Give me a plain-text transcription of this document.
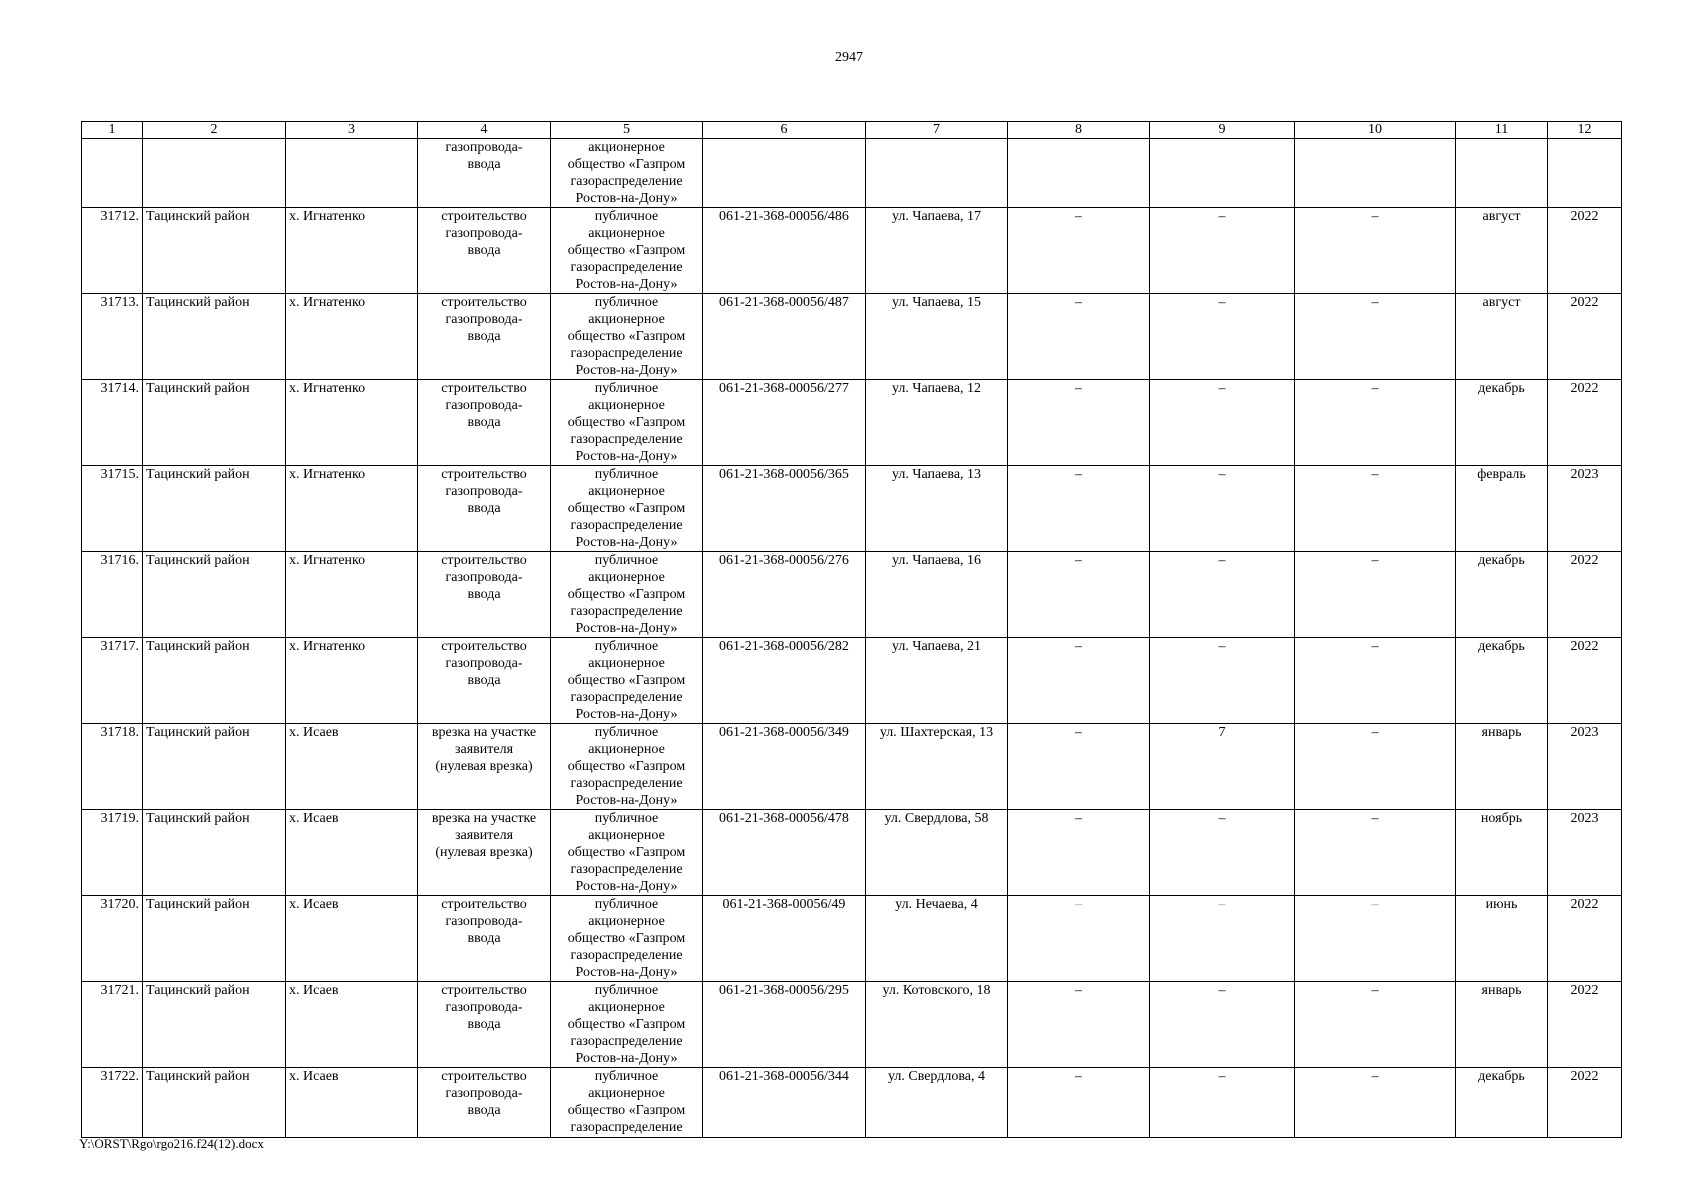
2947
1	2	3	4	5	6	7	8	9	10	11	12
			газопровода-
ввода	акционерное
общество «Газпром
газораспределение
Ростов-на-Дону»							
31712.	Тацинский район	х. Игнатенко	строительство
газопровода-
ввода	публичное
акционерное
общество «Газпром
газораспределение
Ростов-на-Дону»	061-21-368-00056/486	ул. Чапаева, 17	–	–	–	август	2022
31713.	Тацинский район	х. Игнатенко	строительство
газопровода-
ввода	публичное
акционерное
общество «Газпром
газораспределение
Ростов-на-Дону»	061-21-368-00056/487	ул. Чапаева, 15	–	–	–	август	2022
31714.	Тацинский район	х. Игнатенко	строительство
газопровода-
ввода	публичное
акционерное
общество «Газпром
газораспределение
Ростов-на-Дону»	061-21-368-00056/277	ул. Чапаева, 12	–	–	–	декабрь	2022
31715.	Тацинский район	х. Игнатенко	строительство
газопровода-
ввода	публичное
акционерное
общество «Газпром
газораспределение
Ростов-на-Дону»	061-21-368-00056/365	ул. Чапаева, 13	–	–	–	февраль	2023
31716.	Тацинский район	х. Игнатенко	строительство
газопровода-
ввода	публичное
акционерное
общество «Газпром
газораспределение
Ростов-на-Дону»	061-21-368-00056/276	ул. Чапаева, 16	–	–	–	декабрь	2022
31717.	Тацинский район	х. Игнатенко	строительство
газопровода-
ввода	публичное
акционерное
общество «Газпром
газораспределение
Ростов-на-Дону»	061-21-368-00056/282	ул. Чапаева, 21	–	–	–	декабрь	2022
31718.	Тацинский район	х. Исаев	врезка на участке
заявителя
(нулевая врезка)	публичное
акционерное
общество «Газпром
газораспределение
Ростов-на-Дону»	061-21-368-00056/349	ул. Шахтерская, 13	–	7	–	январь	2023
31719.	Тацинский район	х. Исаев	врезка на участке
заявителя
(нулевая врезка)	публичное
акционерное
общество «Газпром
газораспределение
Ростов-на-Дону»	061-21-368-00056/478	ул. Свердлова, 58	–	–	–	ноябрь	2023
31720.	Тацинский район	х. Исаев	строительство
газопровода-
ввода	публичное
акционерное
общество «Газпром
газораспределение
Ростов-на-Дону»	061-21-368-00056/49	ул. Нечаева, 4	–	–	–	июнь	2022
31721.	Тацинский район	х. Исаев	строительство
газопровода-
ввода	публичное
акционерное
общество «Газпром
газораспределение
Ростов-на-Дону»	061-21-368-00056/295	ул. Котовского, 18	–	–	–	январь	2022
31722.	Тацинский район	х. Исаев	строительство
газопровода-
ввода	публичное
акционерное
общество «Газпром
газораспределение	061-21-368-00056/344	ул. Свердлова, 4	–	–	–	декабрь	2022
Y:\ORST\Rgo\rgo216.f24(12).docx
